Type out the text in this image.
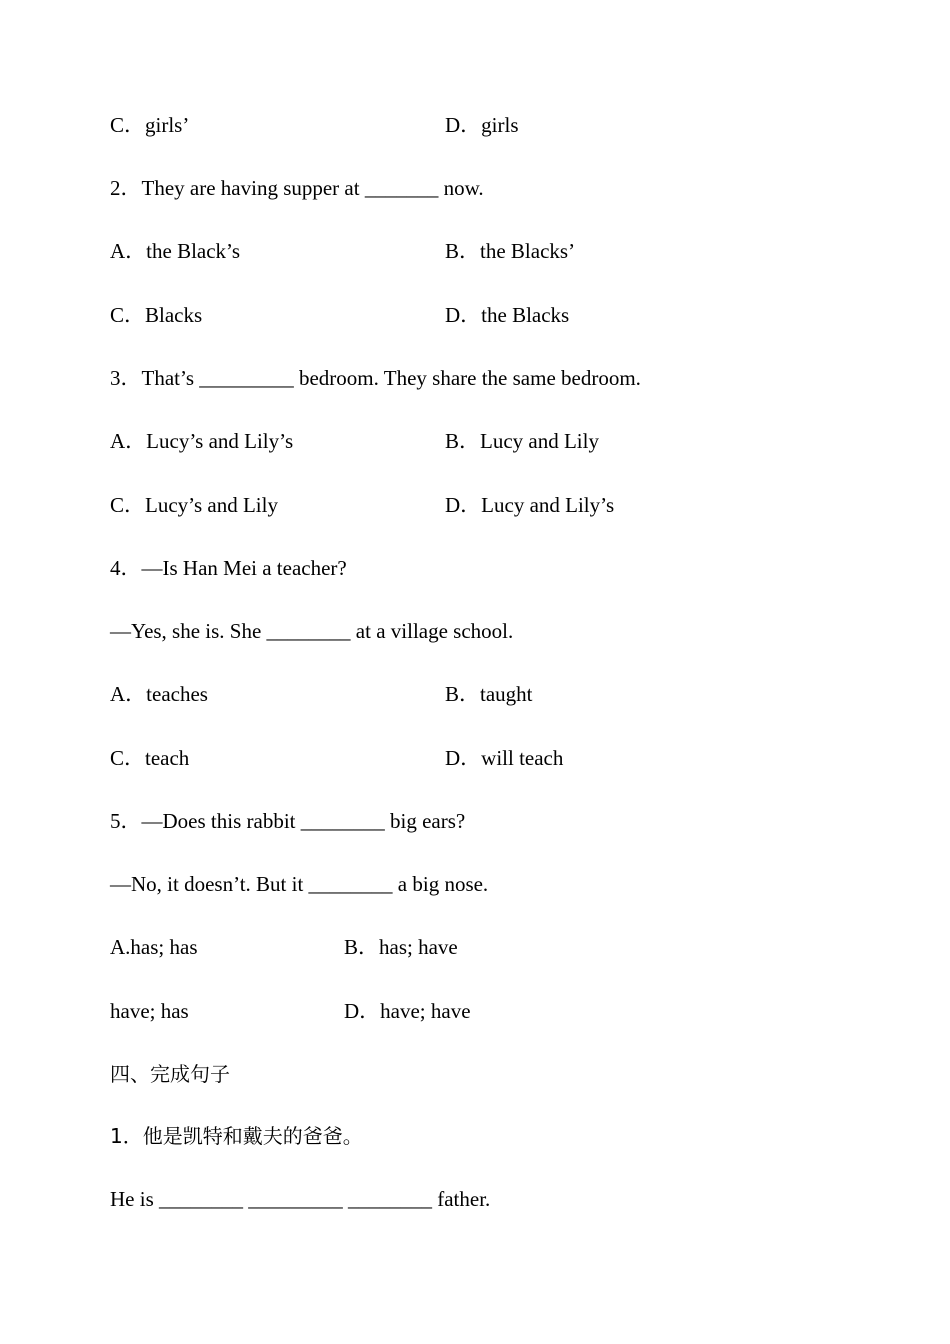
C．girls’	D．girls
2．They are having supper at _______ now.
A．the Black’s	B．the Blacks’
C．Blacks	D．the Blacks
3．That’s _________ bedroom. They share the same bedroom.
A．Lucy’s and Lily’s	B．Lucy and Lily
C．Lucy’s and Lily	D．Lucy and Lily’s
4．—Is Han Mei a teacher?
—Yes, she is. She ________ at a village school.
A．teaches	B．taught
C．teach	D．will teach
5．—Does this rabbit ________ big ears?
—No, it doesn’t. But it ________ a big nose.
A.has; has	B．has; have
have; has	D．have; have
四、完成句子
1．他是凯特和戴夫的爸爸。
He is ________ _________ ________ father.
